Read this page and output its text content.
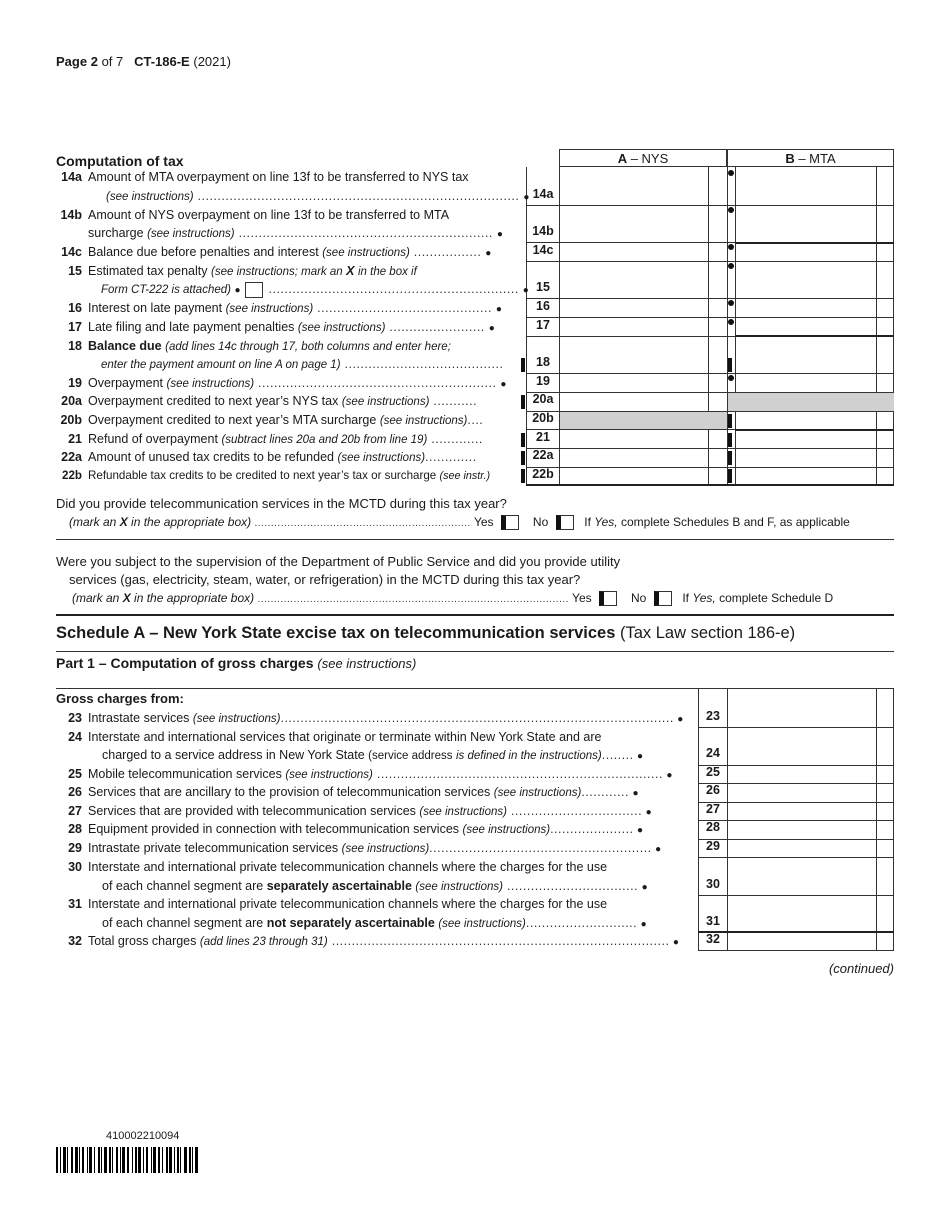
Page 2 of 7 CT-186-E (2021)
Computation of tax	A – NYS	B – MTA
14a Amount of MTA overpayment on line 13f to be transferred to NYS tax
(see instructions) ................................................................................. ● 14a
14b Amount of NYS overpayment on line 13f to be transferred to MTA
surcharge (see instructions) ................................................................ ●	14b
14c Balance due before penalties and interest (see instructions) ................. ●	14c
15 Estimated tax penalty (see instructions; mark an X in the box if
Form CT-222 is attached) ● ............................................................... ● 15
16 Interest on late payment (see instructions) ............................................ ●	16
17 Late filing and late payment penalties (see instructions) ........................ ●	17
18 Balance due (add lines 14c through 17, both columns and enter here;
enter the payment amount on line A on page 1) ........................................	18
19 Overpayment (see instructions) ............................................................ ●	19
20a Overpayment credited to next year’s NYS tax (see instructions) ...........	20a
20b Overpayment credited to next year’s MTA surcharge (see instructions)....	20b
21 Refund of overpayment (subtract lines 20a and 20b from line 19) .............	21
22a Amount of unused tax credits to be refunded (see instructions).............	22a
22b Refundable tax credits to be credited to next year’s tax or surcharge (see instr.)	22b
Did you provide telecommunication services in the MCTD during this tax year?
(mark an X in the appropriate box) .................................................................. Yes	No	If Yes, complete Schedules B and F, as applicable
Were you subject to the supervision of the Department of Public Service and did you provide utility
services (gas, electricity, steam, water, or refrigeration) in the MCTD during this tax year?
(mark an X in the appropriate box) ............................................................................................... Yes	No	If Yes, complete Schedule D
Schedule A – New York State excise tax on telecommunication services (Tax Law section 186-e)
Part 1 – Computation of gross charges (see instructions)
Gross charges from:
23 Intrastate services (see instructions)................................................................................................... ●	23
24 Interstate and international services that originate or terminate within New York State and are
charged to a service address in New York State (service address is defined in the instructions)........ ●	24
25 Mobile telecommunication services (see instructions) ........................................................................ ●	25
26 Services that are ancillary to the provision of telecommunication services (see instructions)............ ●	26
27 Services that are provided with telecommunication services (see instructions) ................................. ●	27
28 Equipment provided in connection with telecommunication services (see instructions)..................... ●	28
29 Intrastate private telecommunication services (see instructions)........................................................ ●	29
30 Interstate and international private telecommunication channels where the charges for the use
of each channel segment are separately ascertainable (see instructions) ................................. ●	30
31 Interstate and international private telecommunication channels where the charges for the use
of each channel segment are not separately ascertainable (see instructions)............................ ●	31
32 Total gross charges (add lines 23 through 31) ..................................................................................... ●	32
(continued)
410002210094
